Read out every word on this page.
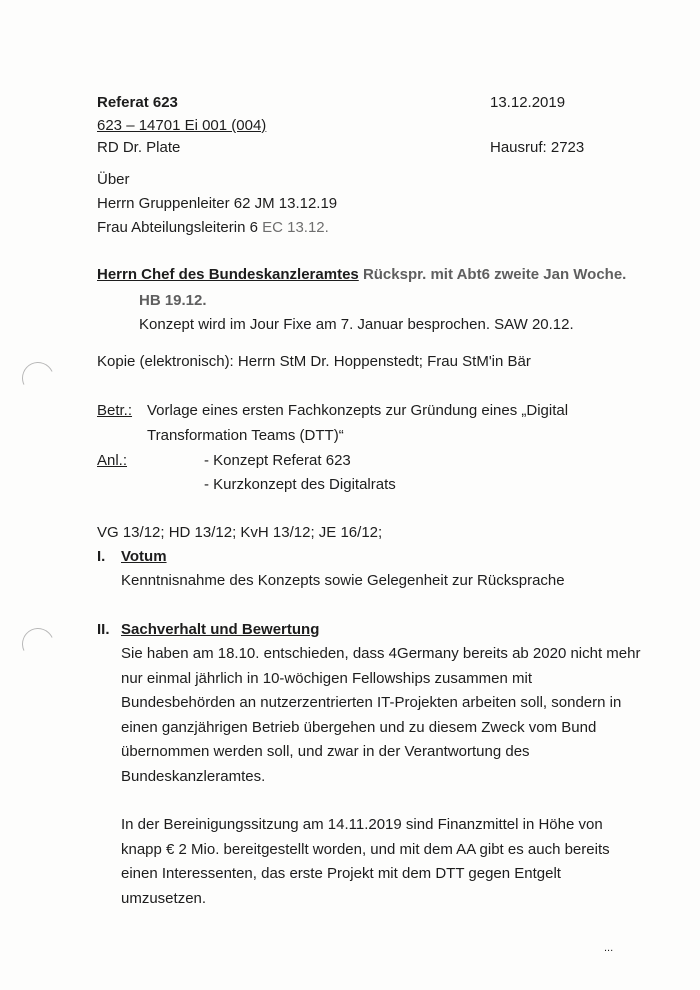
Referat 623
623 – 14701 Ei 001 (004)
RD Dr. Plate
13.12.2019
Hausruf: 2723
Über
Herrn Gruppenleiter 62 JM 13.12.19
Frau Abteilungsleiterin 6 EC 13.12.
Herrn Chef des Bundeskanzleramtes Rückspr. mit Abt6 zweite Jan Woche.
HB 19.12.
Konzept wird im Jour Fixe am 7. Januar besprochen. SAW 20.12.
Kopie (elektronisch): Herrn StM Dr. Hoppenstedt; Frau StM'in Bär
Betr.: Vorlage eines ersten Fachkonzepts zur Gründung eines „Digital
Transformation Teams (DTT)“
Anl.:	- Konzept Referat 623
- Kurzkonzept des Digitalrats
VG 13/12; HD 13/12; KvH 13/12; JE 16/12;
I. Votum
Kenntnisnahme des Konzepts sowie Gelegenheit zur Rücksprache
II. Sachverhalt und Bewertung
Sie haben am 18.10. entschieden, dass 4Germany bereits ab 2020 nicht mehr
nur einmal jährlich in 10-wöchigen Fellowships zusammen mit
Bundesbehörden an nutzerzentrierten IT-Projekten arbeiten soll, sondern in
einen ganzjährigen Betrieb übergehen und zu diesem Zweck vom Bund
übernommen werden soll, und zwar in der Verantwortung des
Bundeskanzleramtes.
In der Bereinigungssitzung am 14.11.2019 sind Finanzmittel in Höhe von
knapp € 2 Mio. bereitgestellt worden, und mit dem AA gibt es auch bereits
einen Interessenten, das erste Projekt mit dem DTT gegen Entgelt
umzusetzen.
...
